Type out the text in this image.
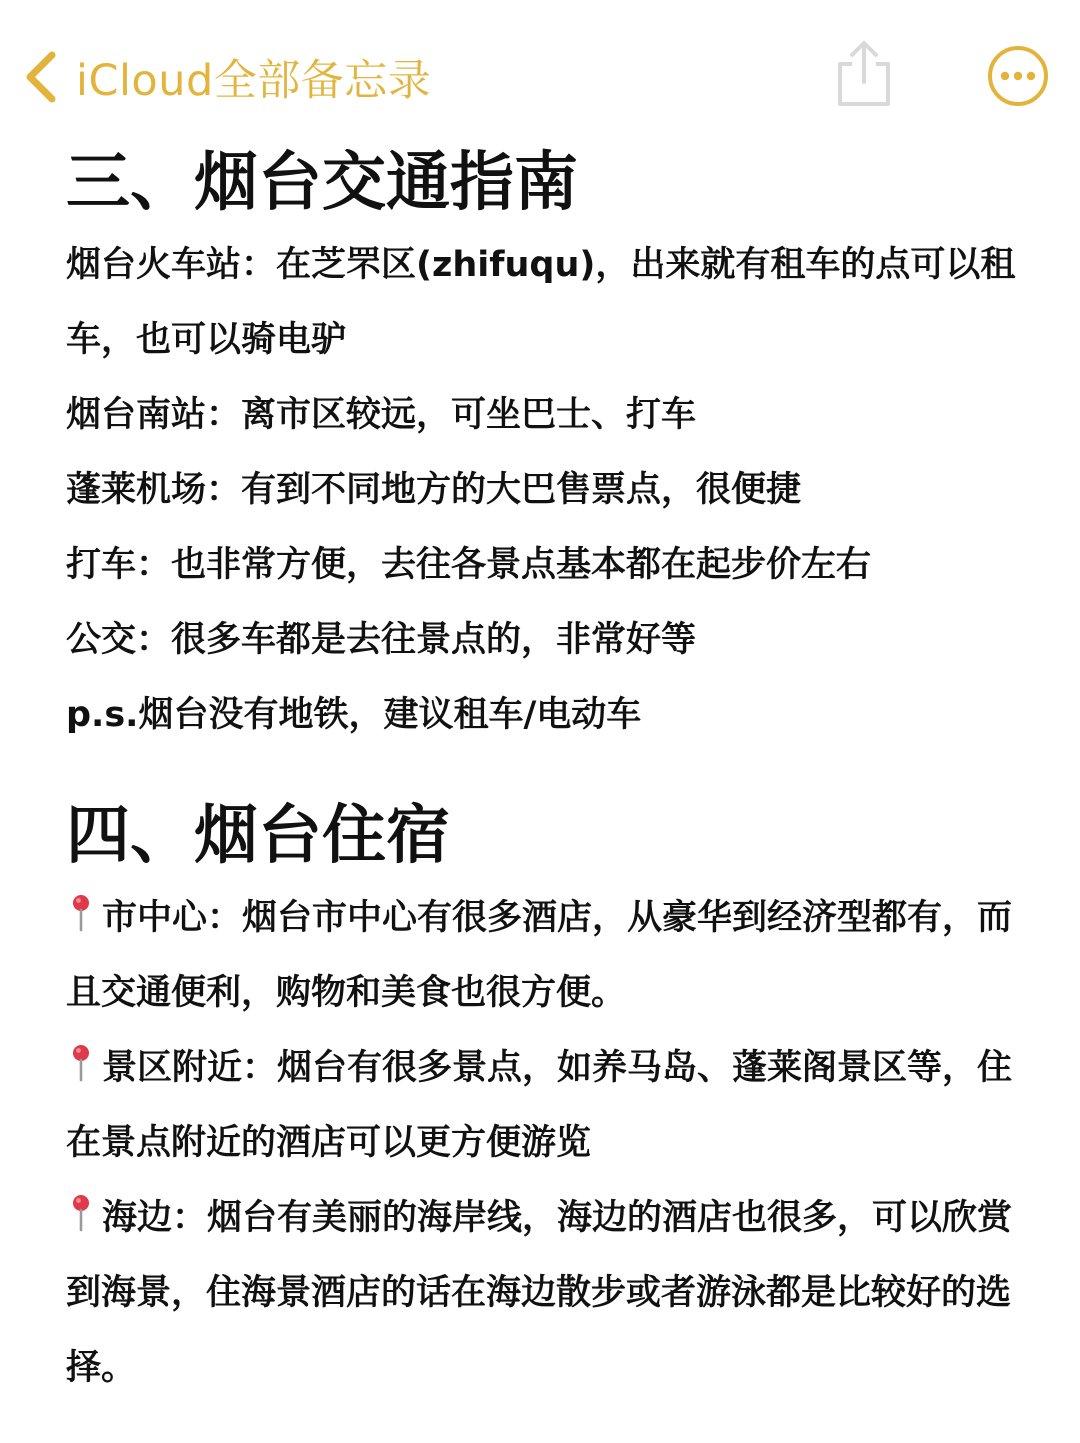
iCloud全部备忘录
三、烟台交通指南

烟台火车站：在芝罘区(zhifuqu)，出来就有租车的点可以租车，也可以骑电驴

烟台南站：离市区较远，可坐巴士、打车

蓬莱机场：有到不同地方的大巴售票点，很便捷

打车：也非常方便，去往各景点基本都在起步价左右

公交：很多车都是去往景点的，非常好等

p.s.烟台没有地铁，建议租车/电动车

四、烟台住宿

市中心：烟台市中心有很多酒店，从豪华到经济型都有，而且交通便利，购物和美食也很方便。

景区附近：烟台有很多景点，如养马岛、蓬莱阁景区等，住在景点附近的酒店可以更方便游览

海边：烟台有美丽的海岸线，海边的酒店也很多，可以欣赏到海景，住海景酒店的话在海边散步或者游泳都是比较好的选择。
